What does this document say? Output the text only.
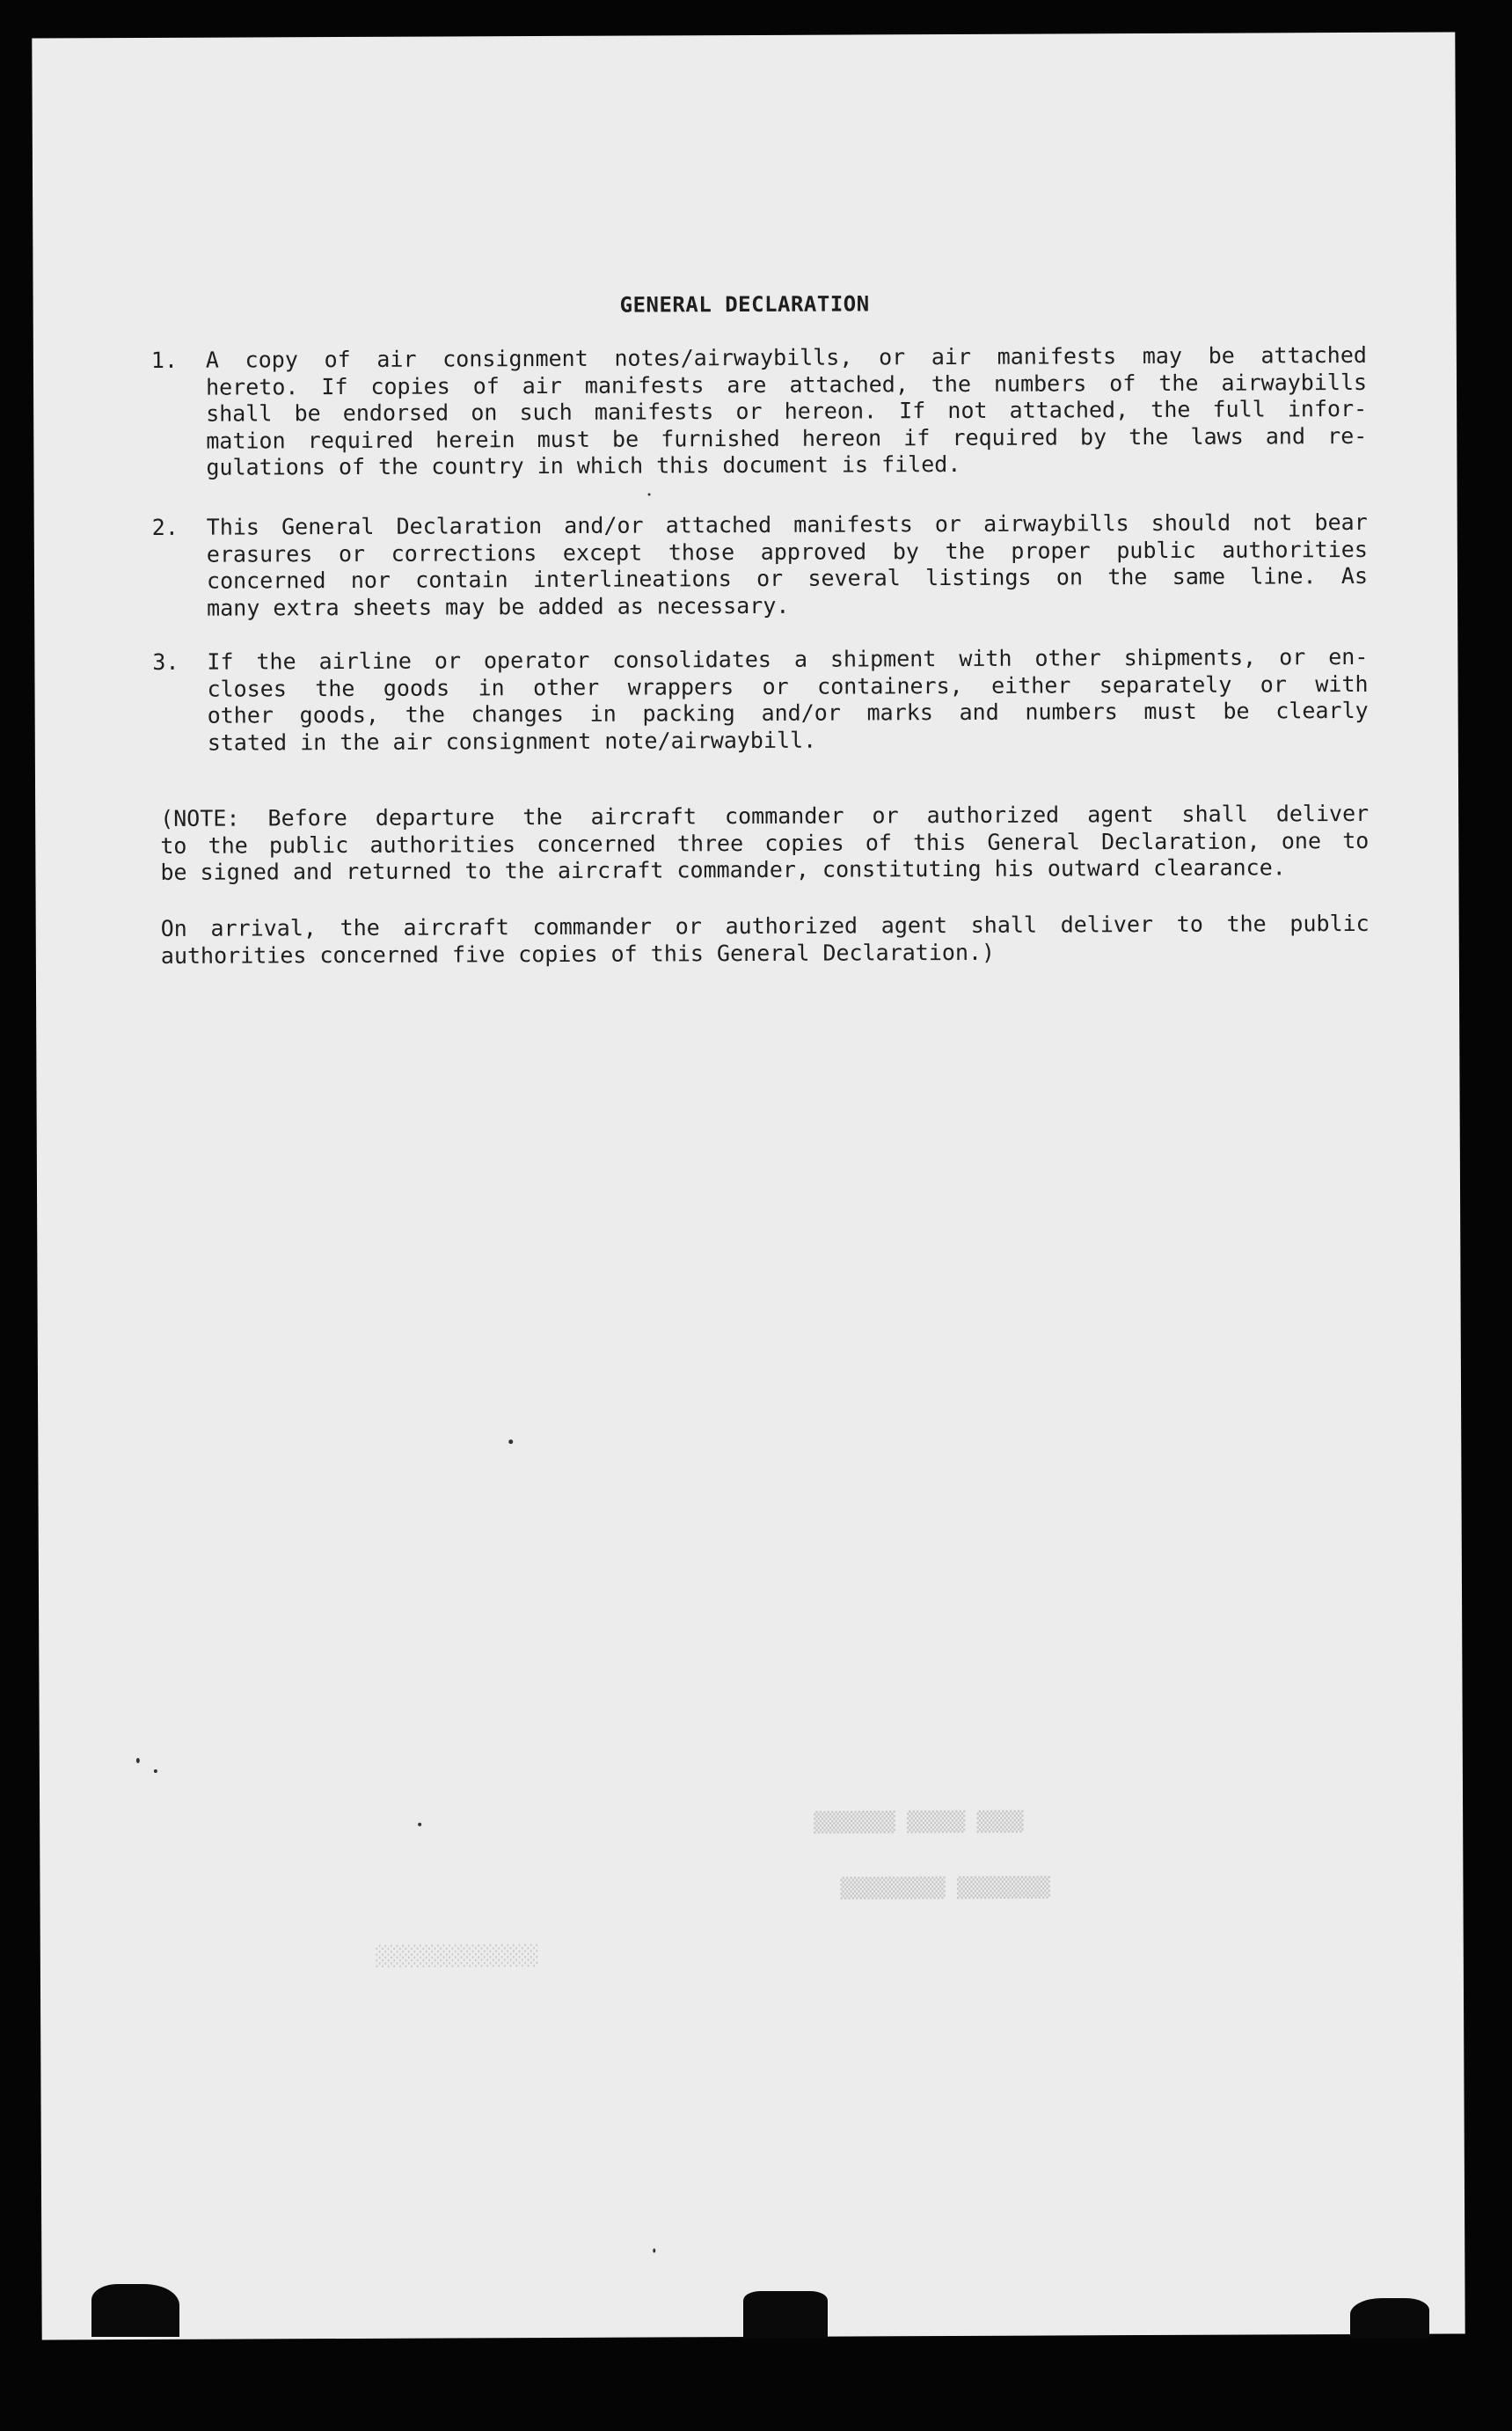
GENERAL DECLARATION
1.	A copy of air consignment notes/airwaybills, or air manifests may be attached
hereto. If copies of air manifests are attached, the numbers of the airwaybills
shall be endorsed on such manifests or hereon. If not attached, the full infor-
mation required herein must be furnished hereon if required by the laws and re-
gulations of the country in which this document is filed.
2.	This General Declaration and/or attached manifests or airwaybills should not bear
erasures or corrections except those approved by the proper public authorities
concerned nor contain interlineations or several listings on the same line. As
many extra sheets may be added as necessary.
3.	If the airline or operator consolidates a shipment with other shipments, or en-
closes the goods in other wrappers or containers, either separately or with
other goods, the changes in packing and/or marks and numbers must be clearly
stated in the air consignment note/airwaybill.
(NOTE: Before departure the aircraft commander or authorized agent shall deliver
to the public authorities concerned three copies of this General Declaration, one to
be signed and returned to the aircraft commander, constituting his outward clearance.
On arrival, the aircraft commander or authorized agent shall deliver to the public
authorities concerned five copies of this General Declaration.)
▒▒▒▒ ▒▒▒▒▒ ▒▒▒▒▒▒▒
▒▒▒▒▒▒▒▒ ▒▒▒▒▒▒▒▒▒
░░░░░░░░░░░░░░
